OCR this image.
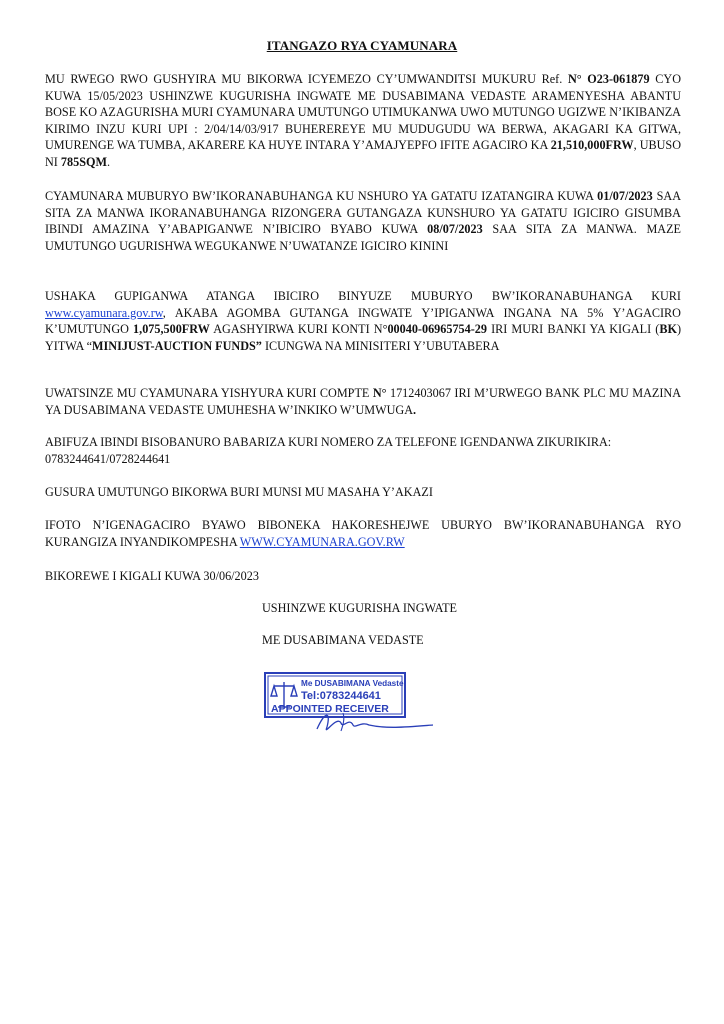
ITANGAZO RYA CYAMUNARA

MU RWEGO RWO GUSHYIRA MU BIKORWA ICYEMEZO CY’UMWANDITSI MUKURU Ref. N° O23-061879 CYO KUWA 15/05/2023 USHINZWE KUGURISHA INGWATE ME DUSABIMANA VEDASTE ARAMENYESHA ABANTU BOSE KO AZAGURISHA MURI CYAMUNARA UMUTUNGO UTIMUKANWA UWO MUTUNGO UGIZWE N’IKIBANZA KIRIMO INZU KURI UPI : 2/04/14/03/917 BUHEREREYE MU MUDUGUDU WA BERWA, AKAGARI KA GITWA, UMURENGE WA TUMBA, AKARERE KA HUYE INTARA Y’AMAJYEPFO IFITE AGACIRO KA 21,510,000FRW, UBUSO NI 785SQM.

CYAMUNARA MUBURYO BW’IKORANABUHANGA KU NSHURO YA GATATU IZATANGIRA KUWA 01/07/2023 SAA SITA ZA MANWA IKORANABUHANGA RIZONGERA GUTANGAZA KUNSHURO YA GATATU IGICIRO GISUMBA IBINDI AMAZINA Y’ABAPIGANWE N’IBICIRO BYABO KUWA 08/07/2023 SAA SITA ZA MANWA. MAZE UMUTUNGO UGURISHWA WEGUKANWE N’UWATANZE IGICIRO KININI

USHAKA GUPIGANWA ATANGA IBICIRO BINYUZE MUBURYO BW’IKORANABUHANGA KURI www.cyamunara.gov.rw, AKABA AGOMBA GUTANGA INGWATE Y’IPIGANWA INGANA NA 5% Y’AGACIRO K’UMUTUNGO 1,075,500FRW AGASHYIRWA KURI KONTI N°00040-06965754-29 IRI MURI BANKI YA KIGALI (BK) YITWA “MINIJUST-AUCTION FUNDS” ICUNGWA NA MINISITERI Y’UBUTABERA

UWATSINZE MU CYAMUNARA YISHYURA KURI COMPTE N° 1712403067 IRI M’URWEGO BANK PLC MU MAZINA YA DUSABIMANA VEDASTE UMUHESHA W’INKIKO W’UMWUGA.

ABIFUZA IBINDI BISOBANURO BABARIZA KURI NOMERO ZA TELEFONE IGENDANWA ZIKURIKIRA: 0783244641/0728244641

GUSURA UMUTUNGO BIKORWA BURI MUNSI MU MASAHA Y’AKAZI

IFOTO N’IGENAGACIRO BYAWO BIBONEKA HAKORESHEJWE UBURYO BW’IKORANABUHANGA RYO KURANGIZA INYANDIKOMPESHA WWW.CYAMUNARA.GOV.RW

BIKOREWE I KIGALI KUWA 30/06/2023

USHINZWE KUGURISHA INGWATE
ME DUSABIMANA VEDASTE
Me DUSABIMANA Vedaste
Tel:0783244641
APPOINTED RECEIVER
